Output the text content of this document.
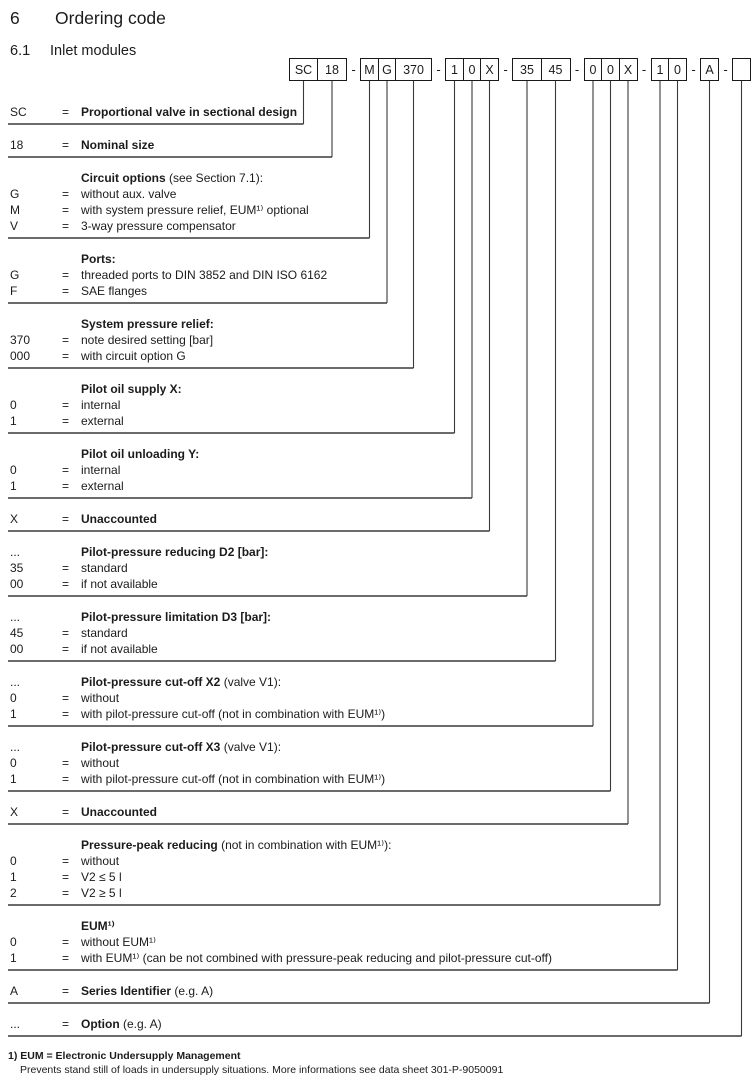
6	Ordering code
6.1	Inlet modules
SC	18 - M G 370 - 1 0 X - 35	45 - 0 0 X - 1 0 - A -
SC	= Proportional valve in sectional design
18	= Nominal size
Circuit options (see Section 7.1):
G	= without aux. valve
M	= with system pressure relief, EUM¹⁾ optional
V	= 3-way pressure compensator
Ports:
G	= threaded ports to DIN 3852 and DIN ISO 6162
F	= SAE flanges
System pressure relief:
370	= note desired setting [bar]
000	= with circuit option G
Pilot oil supply X:
0	= internal
1	= external
Pilot oil unloading Y:
0	= internal
1	= external
X	= Unaccounted
...	Pilot-pressure reducing D2 [bar]:
35	= standard
00	= if not available
...	Pilot-pressure limitation D3 [bar]:
45	= standard
00	= if not available
...	Pilot-pressure cut-off X2 (valve V1):
0	= without
1	= with pilot-pressure cut-off (not in combination with EUM¹⁾)
...	Pilot-pressure cut-off X3 (valve V1):
0	= without
1	= with pilot-pressure cut-off (not in combination with EUM¹⁾)
X	= Unaccounted
Pressure-peak reducing (not in combination with EUM¹⁾):
0	= without
1	= V2 ≤ 5 l
2	= V2 ≥ 5 l
EUM¹⁾
0	= without EUM¹⁾
1	= with EUM¹⁾ (can be not combined with pressure-peak reducing and pilot-pressure cut-off)
A	= Series Identifier (e.g. A)
...	= Option (e.g. A)
1) EUM = Electronic Undersupply Management
Prevents stand still of loads in undersupply situations. More informations see data sheet 301-P-9050091
